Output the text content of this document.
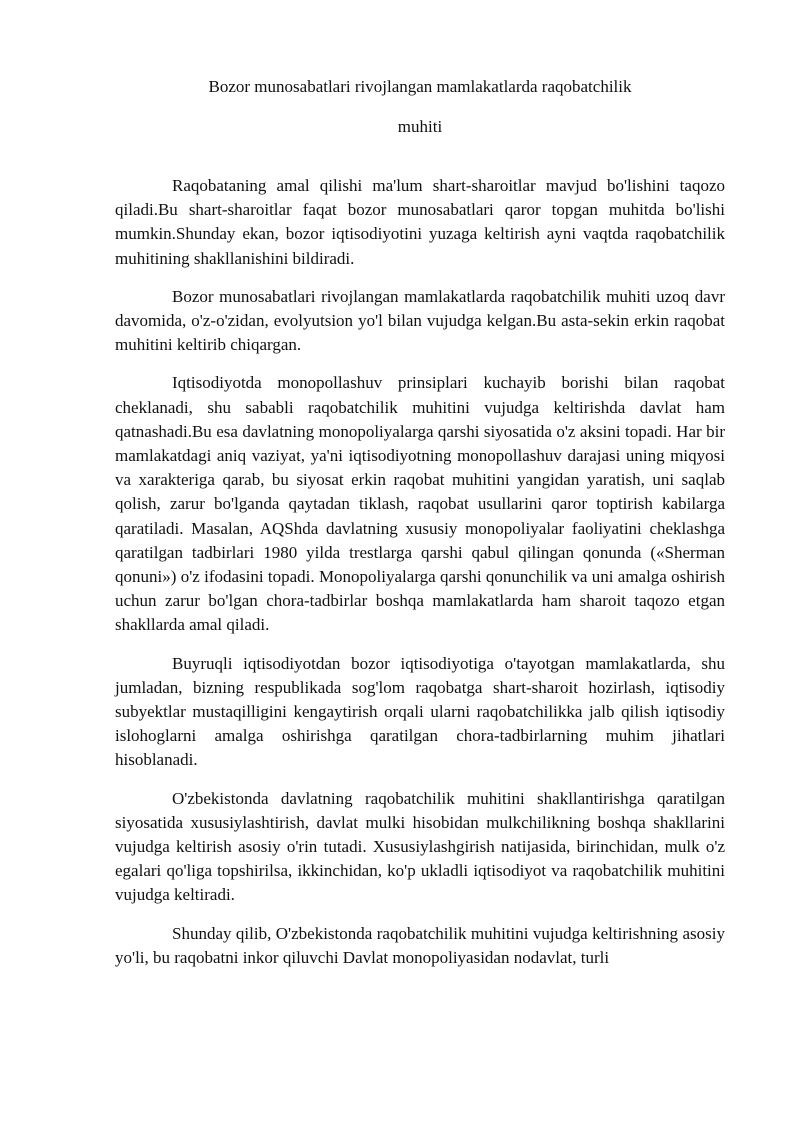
Bozor munosabatlari rivojlangan mamlakatlarda raqobatchilik
muhiti

Raqobataning amal qilishi ma'lum shart-sharoitlar mavjud bo'lishini taqozo qiladi.Bu shart-sharoitlar faqat bozor munosabatlari qaror topgan muhitda bo'lishi mumkin.Shunday ekan, bozor iqtisodiyotini yuzaga keltirish ayni vaqtda raqobatchilik muhitining shakllanishini bildiradi.

Bozor munosabatlari rivojlangan mamlakatlarda raqobatchilik muhiti uzoq davr davomida, o'z-o'zidan, evolyutsion yo'l bilan vujudga kelgan.Bu asta-sekin erkin raqobat muhitini keltirib chiqargan.

Iqtisodiyotda monopollashuv prinsiplari kuchayib borishi bilan raqobat cheklanadi, shu sababli raqobatchilik muhitini vujudga keltirishda davlat ham qatnashadi.Bu esa davlatning monopoliyalarga qarshi siyosatida o'z aksini topadi. Har bir mamlakatdagi aniq vaziyat, ya'ni iqtisodiyotning monopollashuv darajasi uning miqyosi va xarakteriga qarab, bu siyosat erkin raqobat muhitini yangidan yaratish, uni saqlab qolish, zarur bo'lganda qaytadan tiklash, raqobat usullarini qaror toptirish kabilarga qaratiladi. Masalan, AQShda davlatning xususiy monopoliyalar faoliyatini cheklashga qaratilgan tadbirlari 1980 yilda trestlarga qarshi qabul qilingan qonunda («Sherman qonuni») o'z ifodasini topadi. Monopoliyalarga qarshi qonunchilik va uni amalga oshirish uchun zarur bo'lgan chora-tadbirlar boshqa mamlakatlarda ham sharoit taqozo etgan shakllarda amal qiladi.

Buyruqli iqtisodiyotdan bozor iqtisodiyotiga o'tayotgan mamlakatlarda, shu jumladan, bizning respublikada sog'lom raqobatga shart-sharoit hozirlash, iqtisodiy subyektlar mustaqilligini kengaytirish orqali ularni raqobatchilikka jalb qilish iqtisodiy islohoglarni amalga oshirishga qaratilgan chora-tadbirlarning muhim jihatlari hisoblanadi.

O'zbekistonda davlatning raqobatchilik muhitini shakllantirishga qaratilgan siyosatida xususiylashtirish, davlat mulki hisobidan mulkchilikning boshqa shakllarini vujudga keltirish asosiy o'rin tutadi. Xususiylashgirish natijasida, birinchidan, mulk o'z egalari qo'liga topshirilsa, ikkinchidan, ko'p ukladli iqtisodiyot va raqobatchilik muhitini vujudga keltiradi.

Shunday qilib, O'zbekistonda raqobatchilik muhitini vujudga keltirishning asosiy yo'li, bu raqobatni inkor qiluvchi Davlat monopoliyasidan nodavlat, turli
